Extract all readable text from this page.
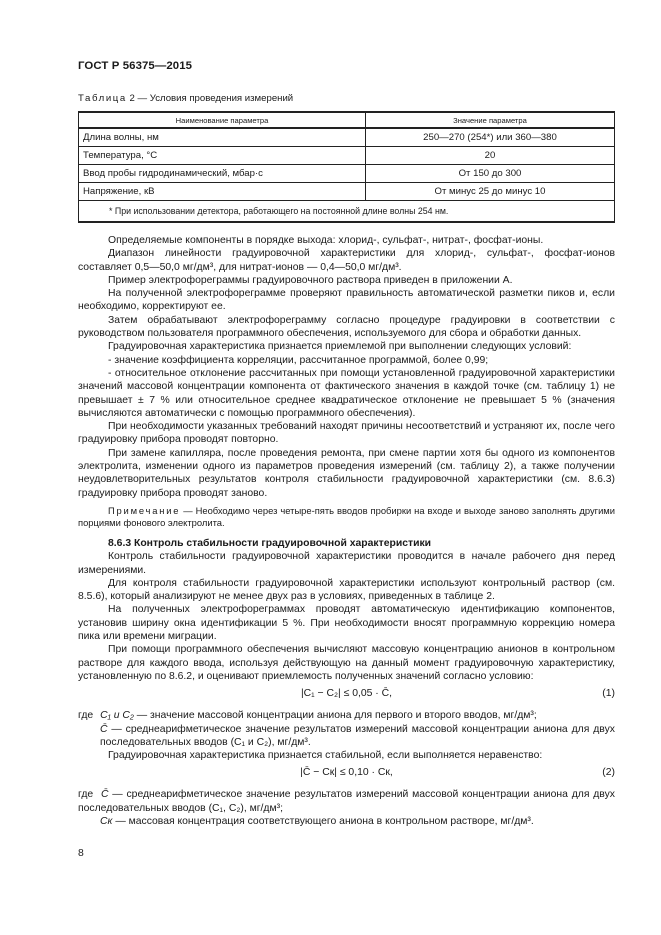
ГОСТ Р 56375—2015
Таблица 2 — Условия проведения измерений
Наименование параметра	Значение параметра
Длина волны, нм	250—270 (254*) или 360—380
Температура, °С	20
Ввод пробы гидродинамический, мбар·с	От 150 до 300
Напряжение, кВ	От минус 25 до минус 10
* При использовании детектора, работающего на постоянной длине волны 254 нм.	

Определяемые компоненты в порядке выхода: хлорид-, сульфат-, нитрат-, фосфат-ионы.

Диапазон линейности градуировочной характеристики для хлорид-, сульфат-, фосфат-ионов составляет 0,5—50,0 мг/дм³, для нитрат-ионов — 0,4—50,0 мг/дм³.

Пример электрофореграммы градуировочного раствора приведен в приложении А.

На полученной электрофореграмме проверяют правильность автоматической разметки пиков и, если необходимо, корректируют ее.

Затем обрабатывают электрофореграмму согласно процедуре градуировки в соответствии с руководством пользователя программного обеспечения, используемого для сбора и обработки данных.

Градуировочная характеристика признается приемлемой при выполнении следующих условий:

- значение коэффициента корреляции, рассчитанное программой, более 0,99;

- относительное отклонение рассчитанных при помощи установленной градуировочной характеристики значений массовой концентрации компонента от фактического значения в каждой точке (см. таблицу 1) не превышает ± 7 % или относительное среднее квадратическое отклонение не превышает 5 % (значения вычисляются автоматически с помощью программного обеспечения).

При необходимости указанных требований находят причины несоответствий и устраняют их, после чего градуировку прибора проводят повторно.

При замене капилляра, после проведения ремонта, при смене партии хотя бы одного из компонентов электролита, изменении одного из параметров проведения измерений (см. таблицу 2), а также получении неудовлетворительных результатов контроля стабильности градуировочной характеристики (см. 8.6.3) градуировку прибора проводят заново.

Примечание — Необходимо через четыре-пять вводов пробирки на входе и выходе заново заполнять другими порциями фонового электролита.

8.6.3 Контроль стабильности градуировочной характеристики

Контроль стабильности градуировочной характеристики проводится в начале рабочего дня перед измерениями.

Для контроля стабильности градуировочной характеристики используют контрольный раствор (см. 8.5.6), который анализируют не менее двух раз в условиях, приведенных в таблице 2.

На полученных электрофореграммах проводят автоматическую идентификацию компонентов, установив ширину окна идентификации 5 %. При необходимости вносят программную коррекцию номера пика или времени миграции.

При помощи программного обеспечения вычисляют массовую концентрацию анионов в контрольном растворе для каждого ввода, используя действующую на данный момент градуировочную характеристику, установленную по 8.6.2, и оценивают приемлемость полученных значений согласно условию:

|C₁ − C₂| ≤ 0,05 · C̄,	(1)

где C₁ и C₂ — значение массовой концентрации аниона для первого и второго вводов, мг/дм³;

C̄ — среднеарифметическое значение результатов измерений массовой концентрации аниона для двух последовательных вводов (C₁ и C₂), мг/дм³.

Градуировочная характеристика признается стабильной, если выполняется неравенство:

|C̄ − Cк| ≤ 0,10 · Cк,	(2)

где C̄ — среднеарифметическое значение результатов измерений массовой концентрации аниона для двух последовательных вводов (C₁, C₂), мг/дм³;

Cк — массовая концентрация соответствующего аниона в контрольном растворе, мг/дм³.

8
